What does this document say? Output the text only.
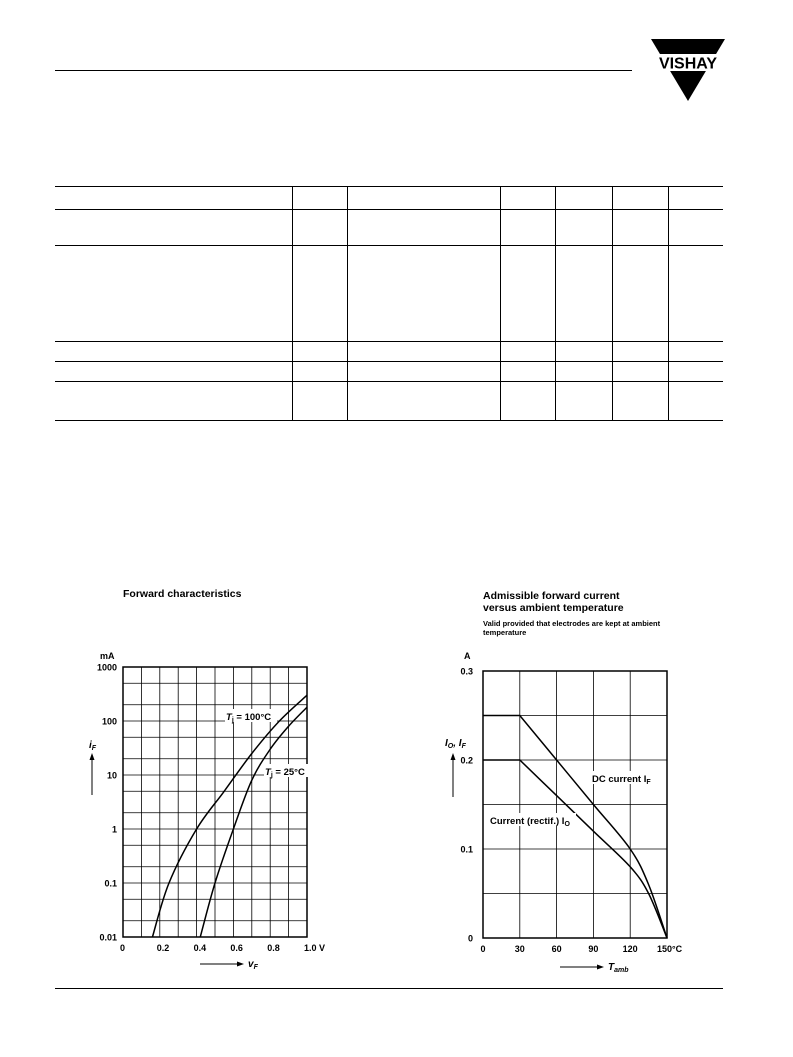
VISHAY
Forward characteristics
mA
1000
100
10
1
0.1
0.01
0	0.2	0.4	0.6	0.8	1.0 V
$T_j = 100^\circ C$
$T_j = 25^\circ C$
$i_F$
$v_F$
Admissible forward current
versus ambient temperature
Valid provided that electrodes are kept at ambient
temperature
A
0.3
0.2
0.1
0
0	30	60	90	120 150°C
DC current $I_F$
Current (rectif.) $I_O$
$I_O$, $I_F$
$T_{amb}$
